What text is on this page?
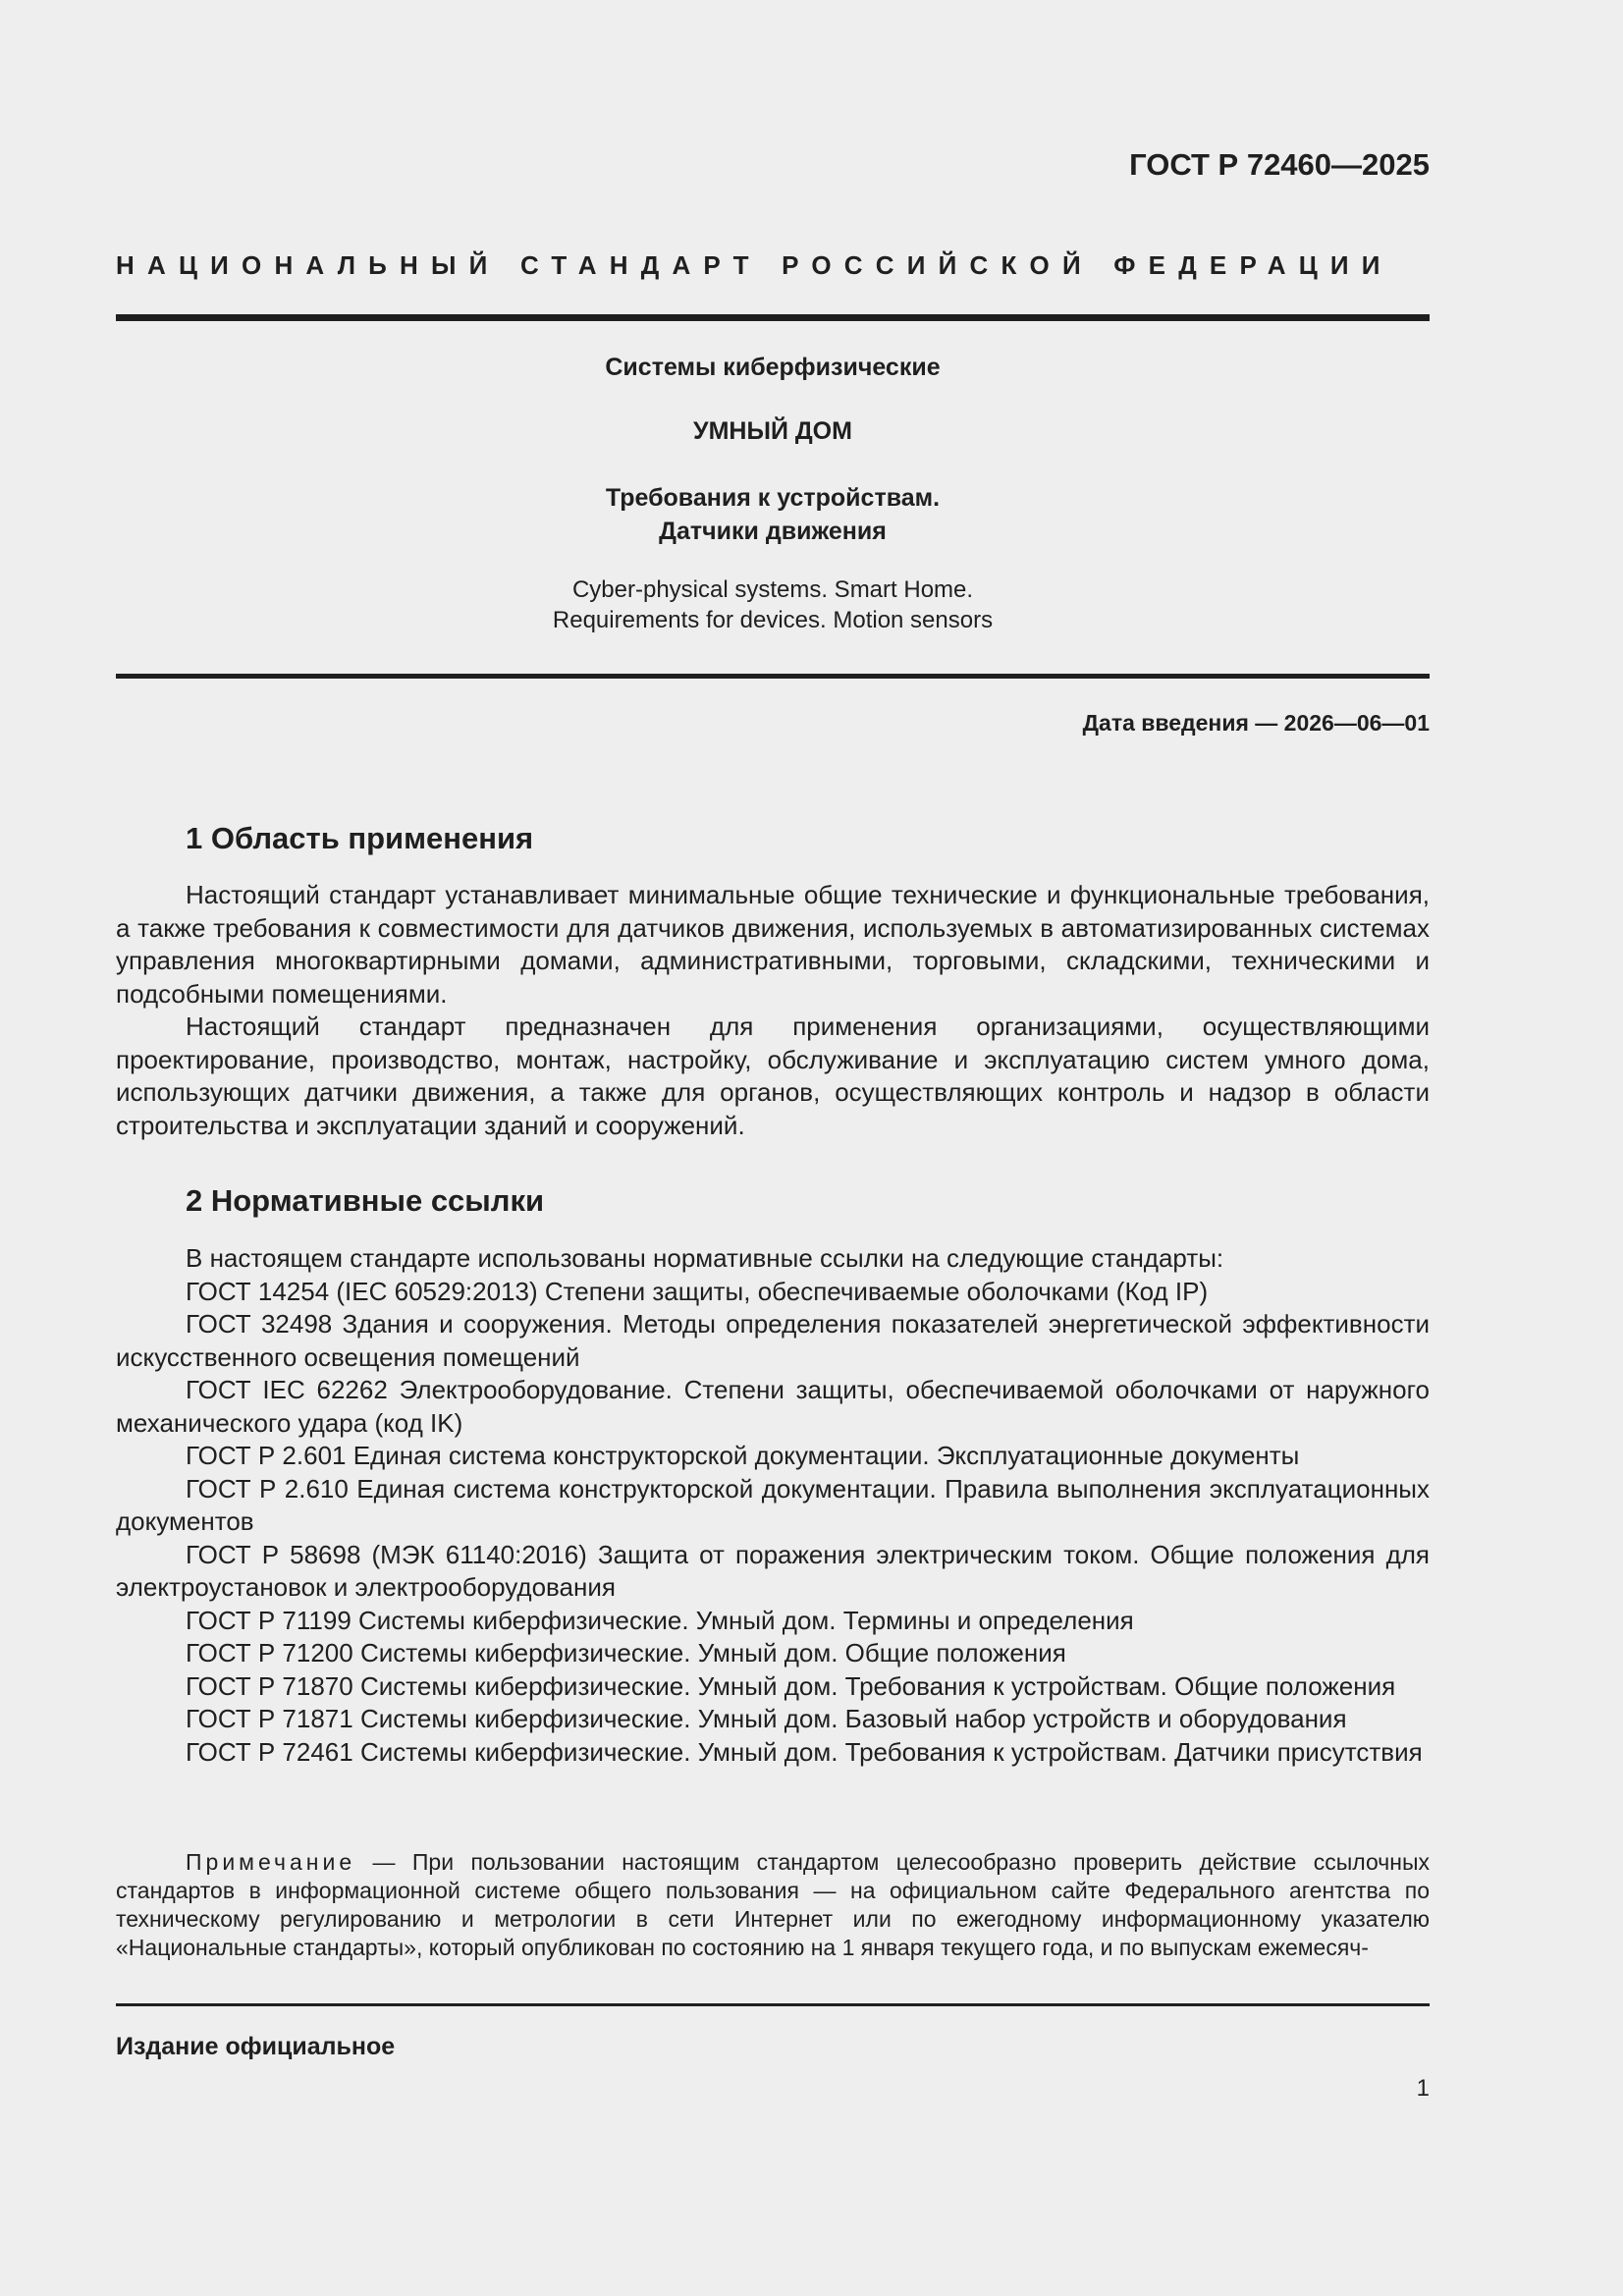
ГОСТ Р 72460—2025
НАЦИОНАЛЬНЫЙ СТАНДАРТ РОССИЙСКОЙ ФЕДЕРАЦИИ
Системы киберфизические
УМНЫЙ ДОМ
Требования к устройствам.
Датчики движения
Cyber-physical systems. Smart Home.
Requirements for devices. Motion sensors
Дата введения — 2026—06—01
1 Область применения

Настоящий стандарт устанавливает минимальные общие технические и функциональные требования, а также требования к совместимости для датчиков движения, используемых в автоматизированных системах управления многоквартирными домами, административными, торговыми, складскими, техническими и подсобными помещениями.

Настоящий стандарт предназначен для применения организациями, осуществляющими проектирование, производство, монтаж, настройку, обслуживание и эксплуатацию систем умного дома, использующих датчики движения, а также для органов, осуществляющих контроль и надзор в области строительства и эксплуатации зданий и сооружений.

2 Нормативные ссылки

В настоящем стандарте использованы нормативные ссылки на следующие стандарты:

ГОСТ 14254 (IEC 60529:2013) Степени защиты, обеспечиваемые оболочками (Код IP)

ГОСТ 32498 Здания и сооружения. Методы определения показателей энергетической эффективности искусственного освещения помещений

ГОСТ IEC 62262 Электрооборудование. Степени защиты, обеспечиваемой оболочками от наружного механического удара (код IK)

ГОСТ Р 2.601 Единая система конструкторской документации. Эксплуатационные документы

ГОСТ Р 2.610 Единая система конструкторской документации. Правила выполнения эксплуатационных документов

ГОСТ Р 58698 (МЭК 61140:2016) Защита от поражения электрическим током. Общие положения для электроустановок и электрооборудования

ГОСТ Р 71199 Системы киберфизические. Умный дом. Термины и определения

ГОСТ Р 71200 Системы киберфизические. Умный дом. Общие положения

ГОСТ Р 71870 Системы киберфизические. Умный дом. Требования к устройствам. Общие положения

ГОСТ Р 71871 Системы киберфизические. Умный дом. Базовый набор устройств и оборудования

ГОСТ Р 72461 Системы киберфизические. Умный дом. Требования к устройствам. Датчики присутствия

Примечание — При пользовании настоящим стандартом целесообразно проверить действие ссылочных стандартов в информационной системе общего пользования — на официальном сайте Федерального агентства по техническому регулированию и метрологии в сети Интернет или по ежегодному информационному указателю «Национальные стандарты», который опубликован по состоянию на 1 января текущего года, и по выпускам ежемесяч-

Издание официальное
1
